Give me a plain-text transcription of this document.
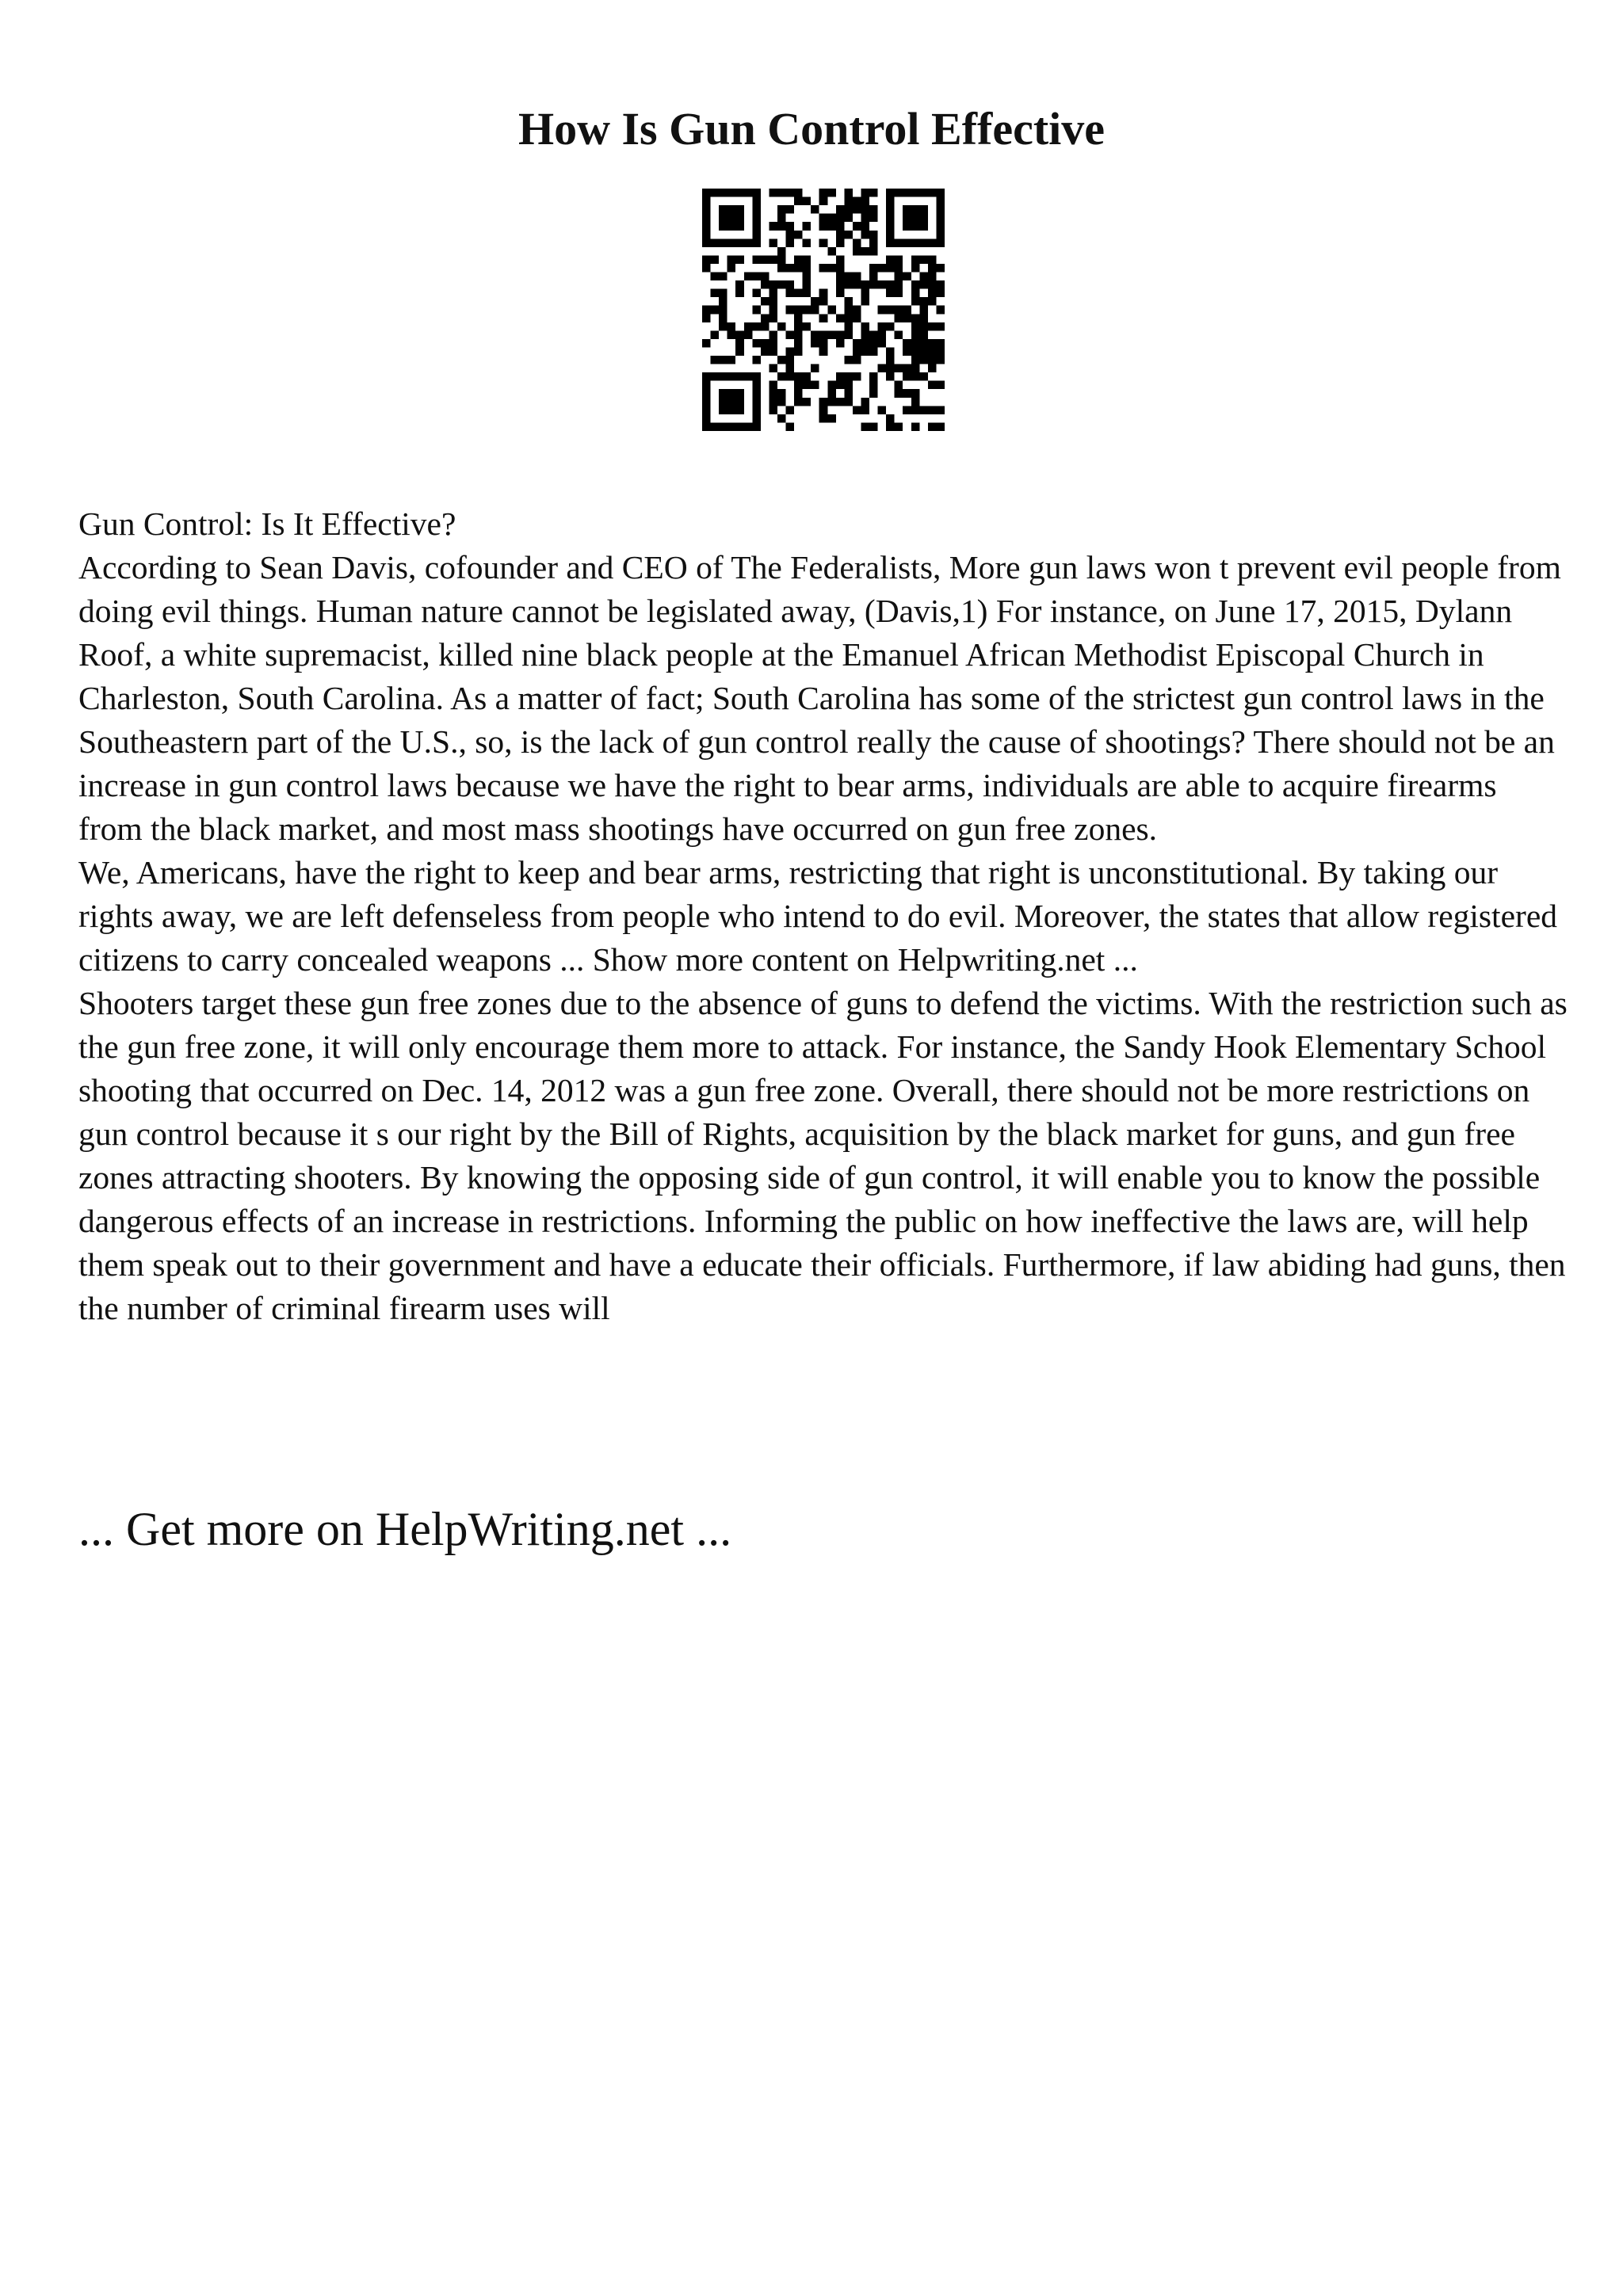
How Is Gun Control Effective

Gun Control: Is It Effective?

According to Sean Davis, cofounder and CEO of The Federalists, More gun laws won t prevent evil people from doing evil things. Human nature cannot be legislated away, (Davis,1) For instance, on June 17, 2015, Dylann Roof, a white supremacist, killed nine black people at the Emanuel African Methodist Episcopal Church in Charleston, South Carolina. As a matter of fact; South Carolina has some of the strictest gun control laws in the Southeastern part of the U.S., so, is the lack of gun control really the cause of shootings? There should not be an increase in gun control laws because we have the right to bear arms, individuals are able to acquire firearms from the black market, and most mass shootings have occurred on gun free zones.

We, Americans, have the right to keep and bear arms, restricting that right is unconstitutional. By taking our rights away, we are left defenseless from people who intend to do evil. Moreover, the states that allow registered citizens to carry concealed weapons ... Show more content on Helpwriting.net ...

Shooters target these gun free zones due to the absence of guns to defend the victims. With the restriction such as the gun free zone, it will only encourage them more to attack. For instance, the Sandy Hook Elementary School shooting that occurred on Dec. 14, 2012 was a gun free zone. Overall, there should not be more restrictions on gun control because it s our right by the Bill of Rights, acquisition by the black market for guns, and gun free zones attracting shooters. By knowing the opposing side of gun control, it will enable you to know the possible dangerous effects of an increase in restrictions. Informing the public on how ineffective the laws are, will help them speak out to their government and have a educate their officials. Furthermore, if law abiding had guns, then the number of criminal firearm uses will

... Get more on HelpWriting.net ...
